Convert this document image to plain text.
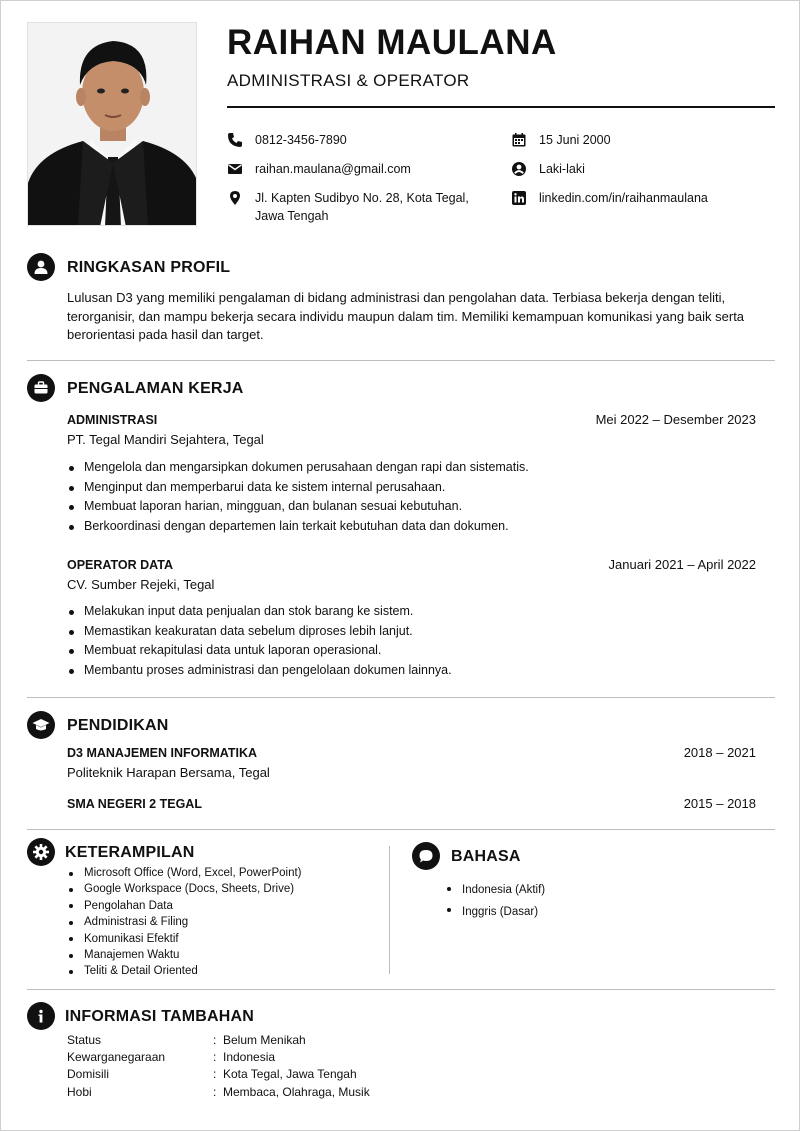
RAIHAN MAULANA
ADMINISTRASI & OPERATOR
0812-3456-7890
raihan.maulana@gmail.com
Jl. Kapten Sudibyo No. 28, Kota Tegal,
Jawa Tengah
15 Juni 2000
Laki-laki
linkedin.com/in/raihanmaulana
RINGKASAN PROFIL
Lulusan D3 yang memiliki pengalaman di bidang administrasi dan pengolahan data. Terbiasa bekerja dengan teliti, terorganisir, dan mampu bekerja secara individu maupun dalam tim. Memiliki kemampuan komunikasi yang baik serta berorientasi pada hasil dan target.
PENGALAMAN KERJA
ADMINISTRASI	Mei 2022 – Desember 2023
PT. Tegal Mandiri Sejahtera, Tegal
Mengelola dan mengarsipkan dokumen perusahaan dengan rapi dan sistematis.
Menginput dan memperbarui data ke sistem internal perusahaan.
Membuat laporan harian, mingguan, dan bulanan sesuai kebutuhan.
Berkoordinasi dengan departemen lain terkait kebutuhan data dan dokumen.
OPERATOR DATA	Januari 2021 – April 2022
CV. Sumber Rejeki, Tegal
Melakukan input data penjualan dan stok barang ke sistem.
Memastikan keakuratan data sebelum diproses lebih lanjut.
Membuat rekapitulasi data untuk laporan operasional.
Membantu proses administrasi dan pengelolaan dokumen lainnya.
PENDIDIKAN
D3 MANAJEMEN INFORMATIKA	2018 – 2021
Politeknik Harapan Bersama, Tegal
SMA NEGERI 2 TEGAL	2015 – 2018
KETERAMPILAN
Microsoft Office (Word, Excel, PowerPoint)
Google Workspace (Docs, Sheets, Drive)
Pengolahan Data
Administrasi & Filing
Komunikasi Efektif
Manajemen Waktu
Teliti & Detail Oriented
BAHASA
Indonesia (Aktif)
Inggris (Dasar)
INFORMASI TAMBAHAN
Status	: Belum Menikah
Kewarganegaraan	: Indonesia
Domisili	: Kota Tegal, Jawa Tengah
Hobi	: Membaca, Olahraga, Musik
